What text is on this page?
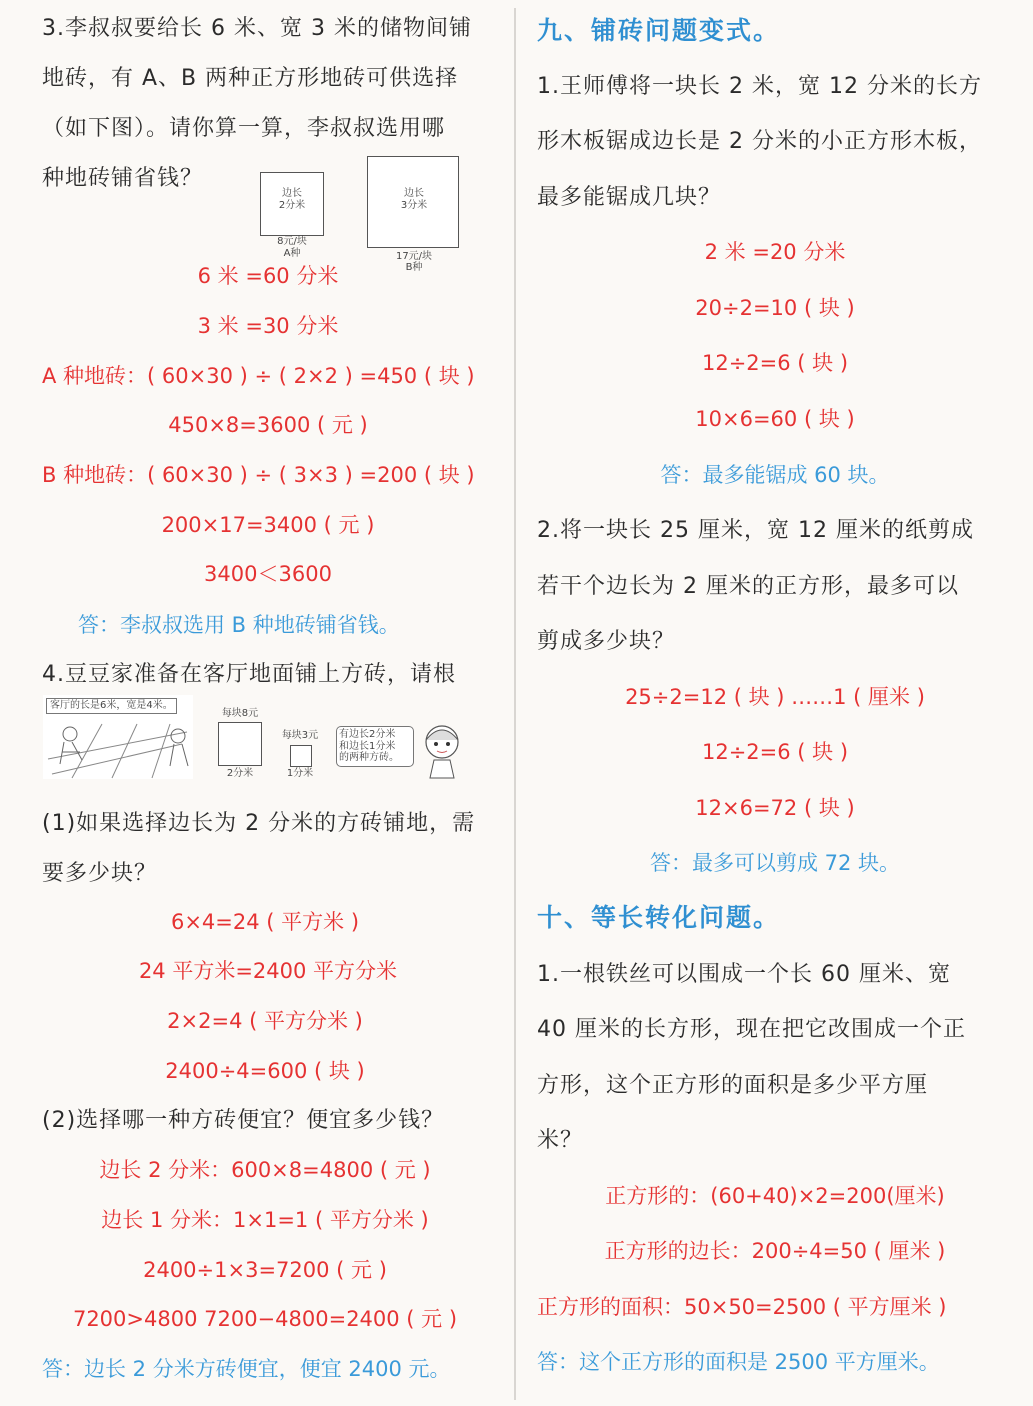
3.李叔叔要给长 6 米、宽 3 米的储物间铺
地砖，有 A、B 两种正方形地砖可供选择
（如下图）。请你算一算，李叔叔选用哪
种地砖铺省钱？
边长
2分米
8元/块
A种
边长
3分米
17元/块
B种
6 米 =60 分米
3 米 =30 分米
A 种地砖：( 60×30 ) ÷ ( 2×2 ) =450 ( 块 )
450×8=3600 ( 元 )
B 种地砖：( 60×30 ) ÷ ( 3×3 ) =200 ( 块 )
200×17=3400 ( 元 )
3400＜3600
答：李叔叔选用 B 种地砖铺省钱。
4.豆豆家准备在客厅地面铺上方砖，请根
客厅的长是6米，宽是4米。
每块8元
2分米
每块3元
1分米
有边长2分米
和边长1分米
的两种方砖。
(1)如果选择边长为 2 分米的方砖铺地，需
要多少块？
6×4=24 ( 平方米 )
24 平方米=2400 平方分米
2×2=4 ( 平方分米 )
2400÷4=600 ( 块 )
(2)选择哪一种方砖便宜？便宜多少钱？
边长 2 分米：600×8=4800 ( 元 )
边长 1 分米：1×1=1 ( 平方分米 )
2400÷1×3=7200 ( 元 )
7200>4800 7200−4800=2400 ( 元 )
答：边长 2 分米方砖便宜，便宜 2400 元。
九、铺砖问题变式。
1.王师傅将一块长 2 米，宽 12 分米的长方
形木板锯成边长是 2 分米的小正方形木板，
最多能锯成几块？
2 米 =20 分米
20÷2=10 ( 块 )
12÷2=6 ( 块 )
10×6=60 ( 块 )
答：最多能锯成 60 块。
2.将一块长 25 厘米，宽 12 厘米的纸剪成
若干个边长为 2 厘米的正方形，最多可以
剪成多少块？
25÷2=12 ( 块 ) ……1 ( 厘米 )
12÷2=6 ( 块 )
12×6=72 ( 块 )
答：最多可以剪成 72 块。
十、等长转化问题。
1.一根铁丝可以围成一个长 60 厘米、宽
40 厘米的长方形，现在把它改围成一个正
方形，这个正方形的面积是多少平方厘
米？
正方形的：(60+40)×2=200(厘米)
正方形的边长：200÷4=50 ( 厘米 )
正方形的面积：50×50=2500 ( 平方厘米 )
答：这个正方形的面积是 2500 平方厘米。
